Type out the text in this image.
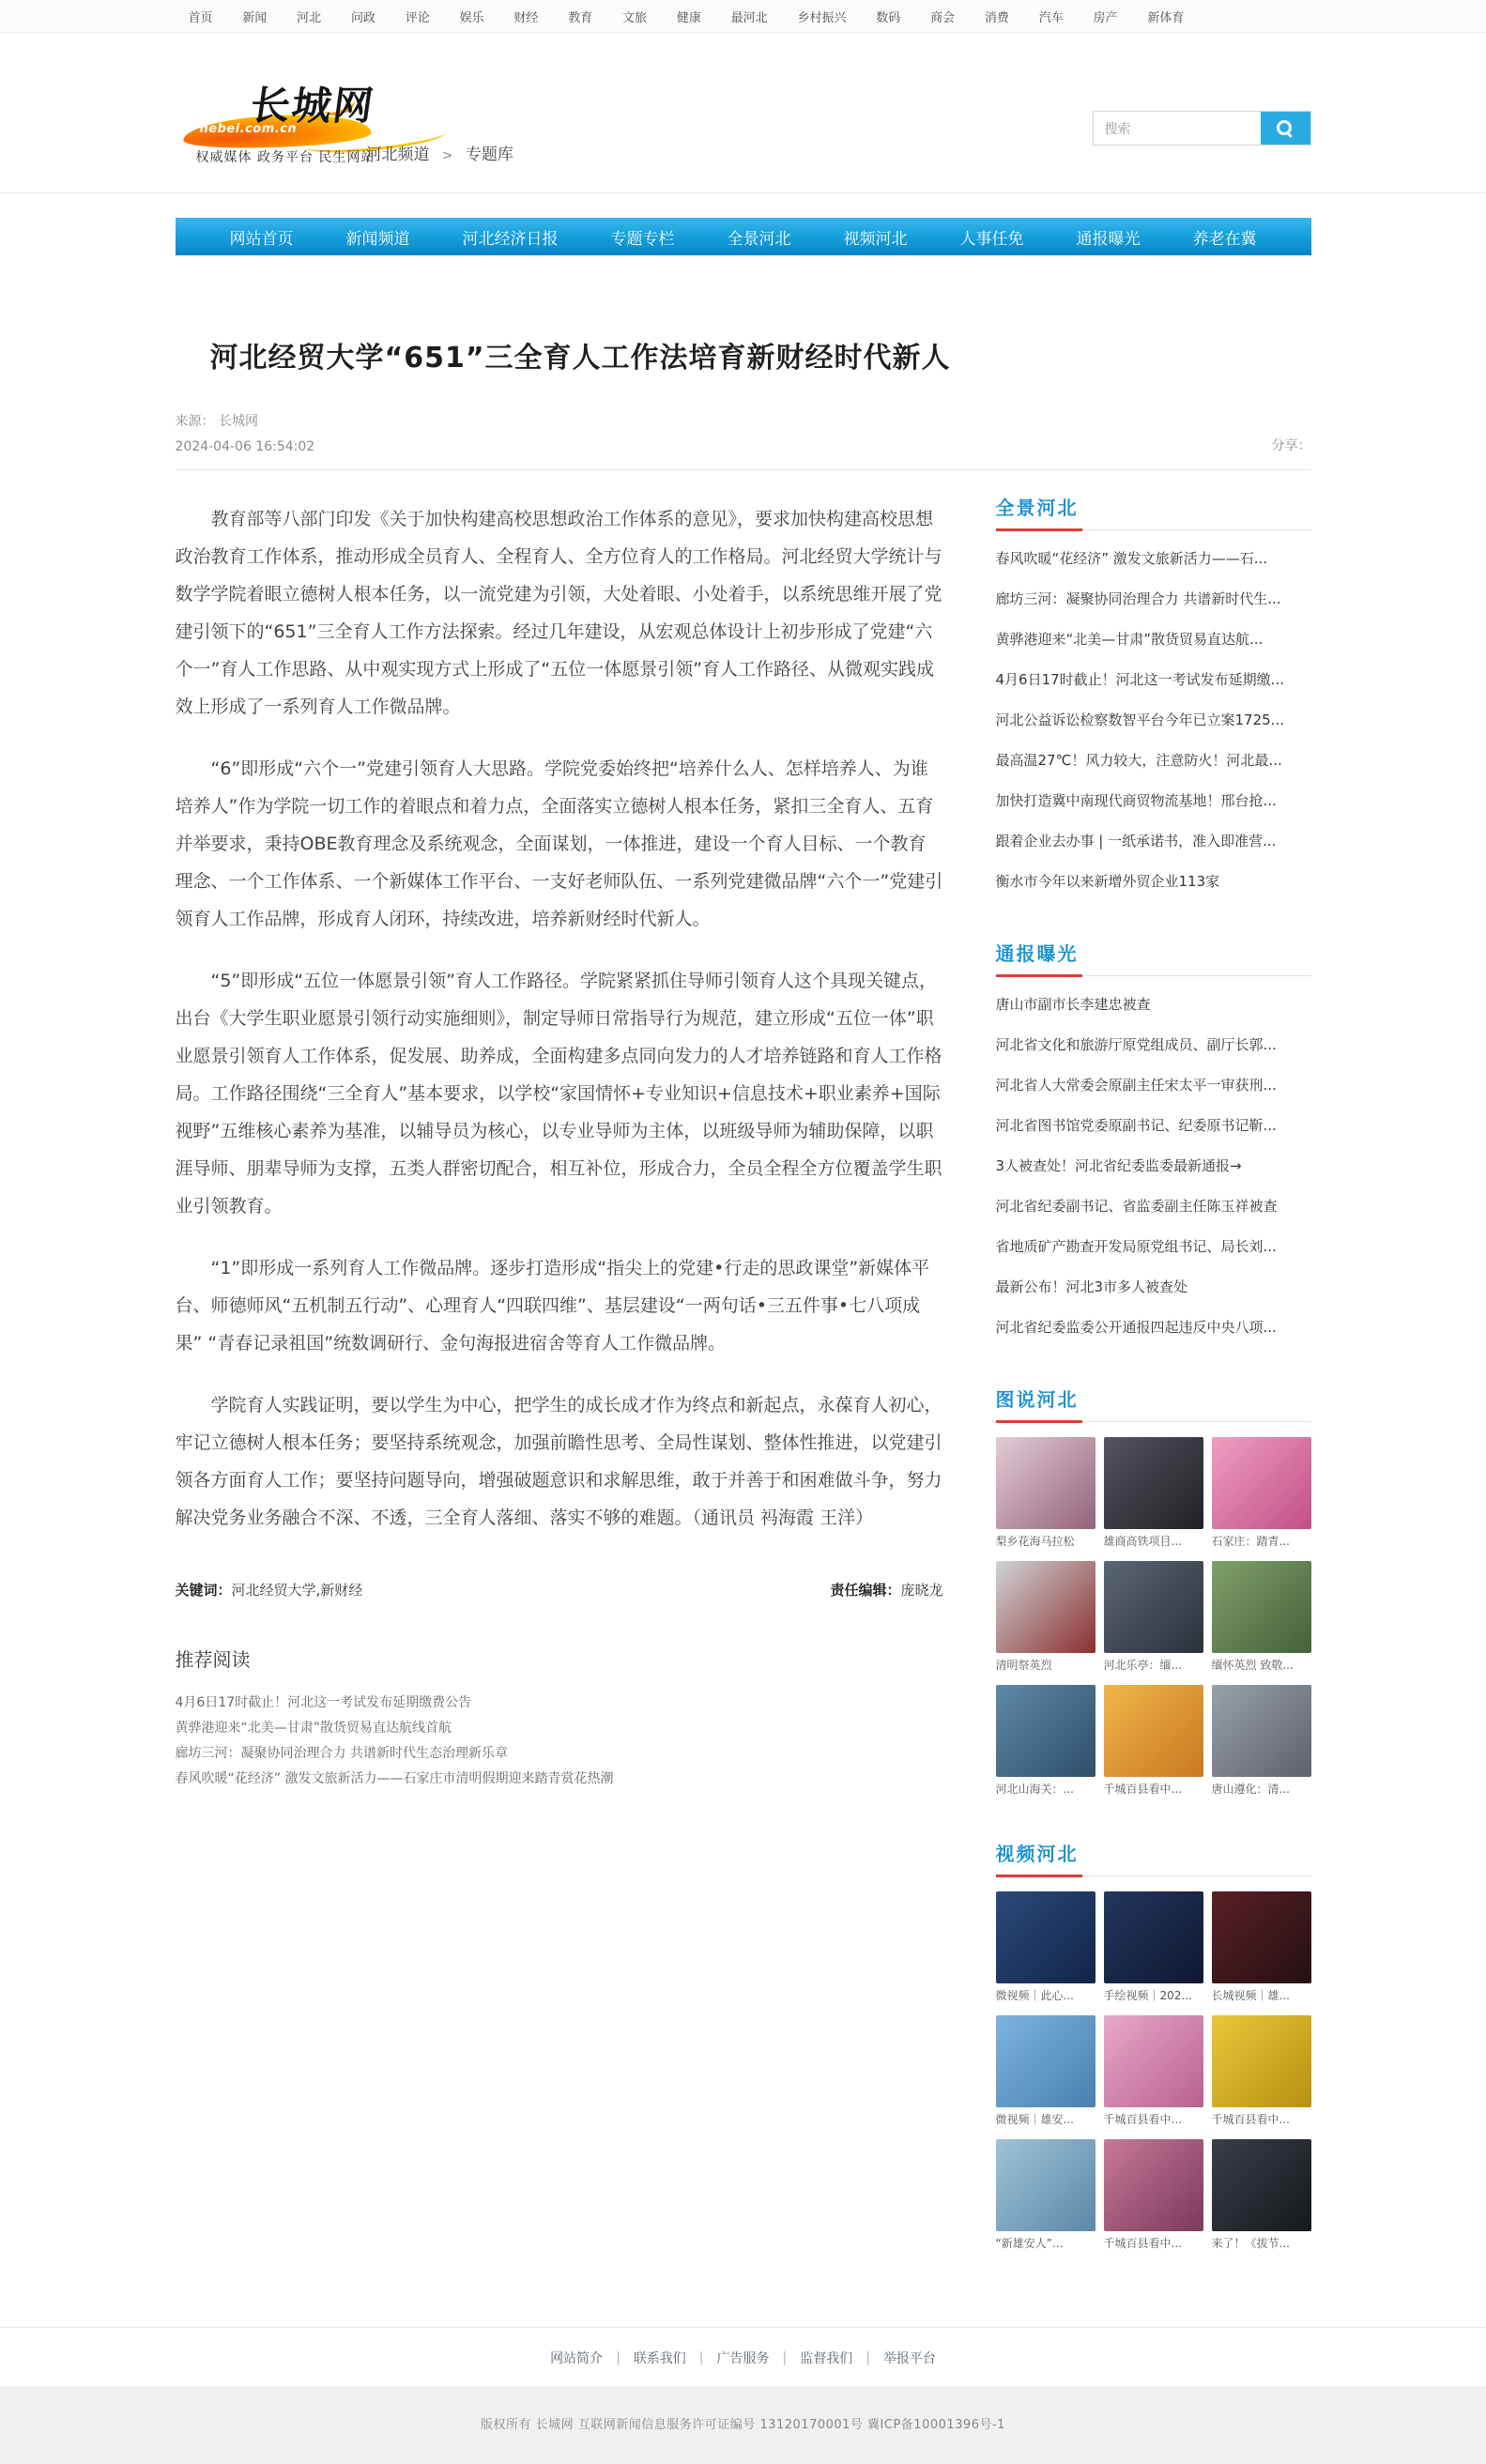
首页 新闻 河北 问政 评论 娱乐 财经 教育 文旅 健康 最河北 乡村振兴 数码 商会 消费 汽车 房产 新体育
长城网
hebei.com.cn
权威媒体 政务平台 民生网站
河北频道 > 专题库
搜索
网站首页	新闻频道	河北经济日报	专题专栏	全景河北	视频河北	人事任免	通报曝光	养老在冀
河北经贸大学“651”三全育人工作法培育新财经时代新人
来源： 长城网
2024-04-06 16:54:02	分享：

教育部等八部门印发《关于加快构建高校思想政治工作体系的意见》，要求加快构建高校思想政治教育工作体系，推动形成全员育人、全程育人、全方位育人的工作格局。河北经贸大学统计与数学学院着眼立德树人根本任务，以一流党建为引领，大处着眼、小处着手，以系统思维开展了党建引领下的“651”三全育人工作方法探索。经过几年建设，从宏观总体设计上初步形成了党建“六个一”育人工作思路、从中观实现方式上形成了“五位一体愿景引领”育人工作路径、从微观实践成效上形成了一系列育人工作微品牌。

“6”即形成“六个一”党建引领育人大思路。学院党委始终把“培养什么人、怎样培养人、为谁培养人”作为学院一切工作的着眼点和着力点，全面落实立德树人根本任务，紧扣三全育人、五育并举要求，秉持OBE教育理念及系统观念，全面谋划，一体推进，建设一个育人目标、一个教育理念、一个工作体系、一个新媒体工作平台、一支好老师队伍、一系列党建微品牌“六个一”党建引领育人工作品牌，形成育人闭环，持续改进，培养新财经时代新人。

“5”即形成“五位一体愿景引领”育人工作路径。学院紧紧抓住导师引领育人这个具现关键点，出台《大学生职业愿景引领行动实施细则》，制定导师日常指导行为规范，建立形成“五位一体”职业愿景引领育人工作体系，促发展、助养成，全面构建多点同向发力的人才培养链路和育人工作格局。工作路径围绕“三全育人”基本要求，以学校“家国情怀+专业知识+信息技术+职业素养+国际视野”五维核心素养为基准，以辅导员为核心，以专业导师为主体，以班级导师为辅助保障，以职涯导师、朋辈导师为支撑，五类人群密切配合，相互补位，形成合力，全员全程全方位覆盖学生职业引领教育。

“1”即形成一系列育人工作微品牌。逐步打造形成“指尖上的党建•行走的思政课堂”新媒体平台、师德师风“五机制五行动”、心理育人“四联四维”、基层建设“一两句话•三五件事•七八项成果” “青春记录祖国”统数调研行、金句海报进宿舍等育人工作微品牌。

学院育人实践证明，要以学生为中心，把学生的成长成才作为终点和新起点，永葆育人初心，牢记立德树人根本任务；要坚持系统观念，加强前瞻性思考、全局性谋划、整体性推进，以党建引领各方面育人工作；要坚持问题导向，增强破题意识和求解思维，敢于并善于和困难做斗争，努力解决党务业务融合不深、不透，三全育人落细、落实不够的难题。（通讯员 祃海霞 王洋）

关键词：河北经贸大学,新财经	责任编辑：庞晓龙
推荐阅读
4月6日17时截止！河北这一考试发布延期缴费公告
黄骅港迎来“北美—甘肃”散货贸易直达航线首航
廊坊三河：凝聚协同治理合力 共谱新时代生态治理新乐章
春风吹暖“花经济” 激发文旅新活力——石家庄市清明假期迎来踏青赏花热潮
全景河北
春风吹暖“花经济” 激发文旅新活力——石...
廊坊三河：凝聚协同治理合力 共谱新时代生...
黄骅港迎来“北美—甘肃”散货贸易直达航...
4月6日17时截止！河北这一考试发布延期缴...
河北公益诉讼检察数智平台今年已立案1725...
最高温27℃！风力较大，注意防火！河北最...
加快打造冀中南现代商贸物流基地！邢台抢...
跟着企业去办事 | 一纸承诺书，准入即准营...
衡水市今年以来新增外贸企业113家
通报曝光
唐山市副市长李建忠被查
河北省文化和旅游厅原党组成员、副厅长郭...
河北省人大常委会原副主任宋太平一审获刑...
河北省图书馆党委原副书记、纪委原书记靳...
3人被查处！河北省纪委监委最新通报→
河北省纪委副书记、省监委副主任陈玉祥被查
省地质矿产勘查开发局原党组书记、局长刘...
最新公布！河北3市多人被查处
河北省纪委监委公开通报四起违反中央八项...
图说河北
梨乡花海马拉松	雄商高铁项目...	石家庄：踏青...
清明祭英烈	河北乐亭：缅...	缅怀英烈 致敬...
河北山海关：...	千城百县看中...	唐山遵化：清...
视频河北
微视频｜此心...	手绘视频｜202...	长城视频｜雄...
微视频｜雄安...	千城百县看中...	千城百县看中...
“新雄安人”...	千城百县看中...	来了！《拔节...
网站简介 | 联系我们 | 广告服务 | 监督我们 | 举报平台
版权所有 长城网 互联网新闻信息服务许可证编号 13120170001号 冀ICP备10001396号-1
